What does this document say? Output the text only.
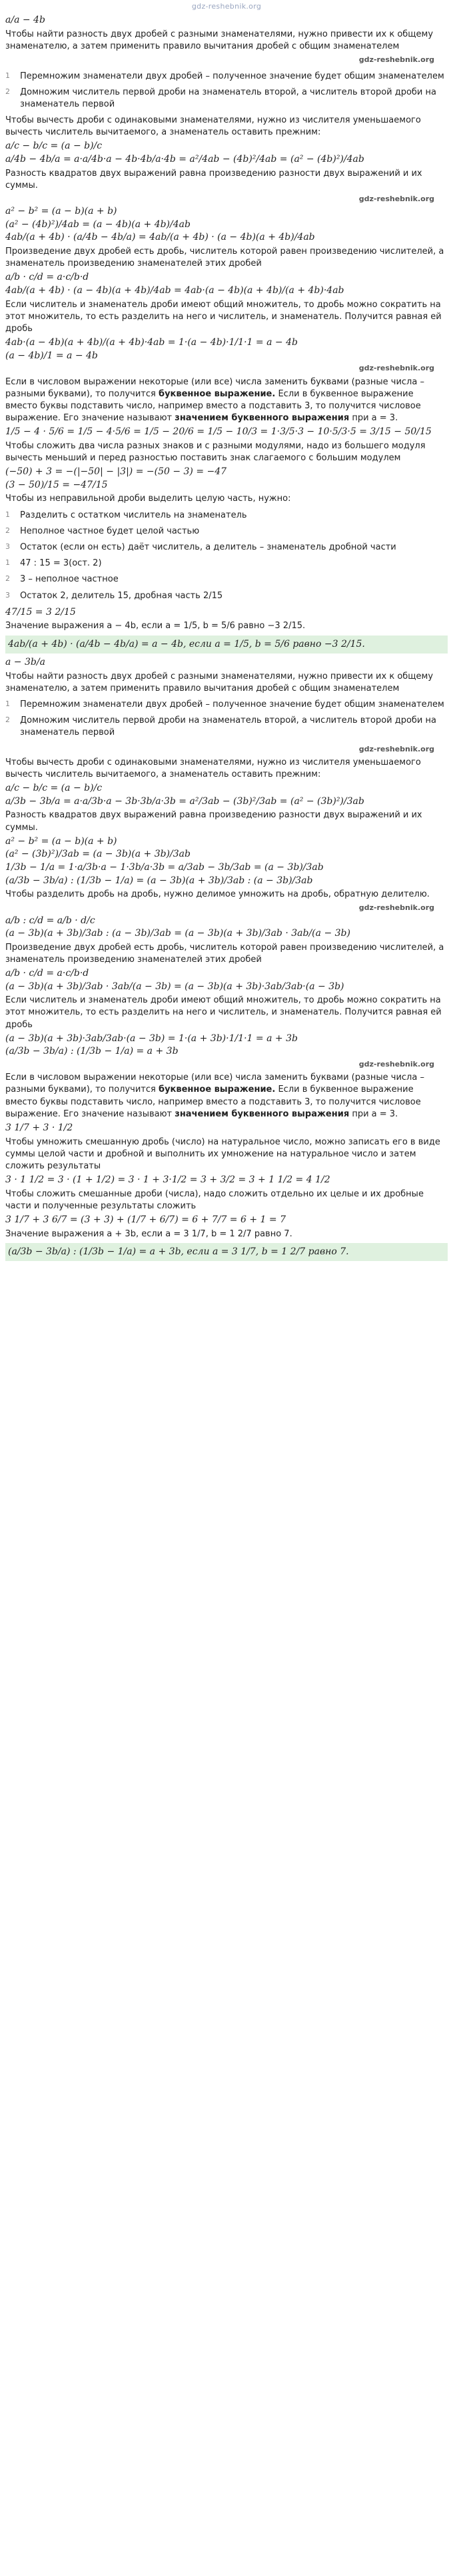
gdz-reshebnik.org
a/a − 4b
Чтобы найти разность двух дробей с разными знаменателями, нужно привести их к общему знаменателю, а затем применить правило вычитания дробей с общим знаменателем
gdz-reshebnik.org
1	Перемножим знаменатели двух дробей – полученное значение будет общим знаменателем
2	Домножим числитель первой дроби на знаменатель второй, а числитель второй дроби на знаменатель первой
Чтобы вычесть дроби с одинаковыми знаменателями, нужно из числителя уменьшаемого вычесть числитель вычитаемого, а знаменатель оставить прежним:
a/c − b/c = (a − b)/c
a/4b − 4b/a = a·a/4b·a − 4b·4b/a·4b = a²/4ab − (4b)²/4ab = (a² − (4b)²)/4ab
Разность квадратов двух выражений равна произведению разности двух выражений и их суммы.
gdz-reshebnik.org
a² − b² = (a − b)(a + b)
(a² − (4b)²)/4ab = (a − 4b)(a + 4b)/4ab
4ab/(a + 4b) · (a/4b − 4b/a) = 4ab/(a + 4b) · (a − 4b)(a + 4b)/4ab
Произведение двух дробей есть дробь, числитель которой равен произведению числителей, а знаменатель произведению знаменателей этих дробей
a/b · c/d = a·c/b·d
4ab/(a + 4b) · (a − 4b)(a + 4b)/4ab = 4ab·(a − 4b)(a + 4b)/(a + 4b)·4ab
Если числитель и знаменатель дроби имеют общий множитель, то дробь можно сократить на этот множитель, то есть разделить на него и числитель, и знаменатель. Получится равная ей дробь
4ab·(a − 4b)(a + 4b)/(a + 4b)·4ab = 1·(a − 4b)·1/1·1 = a − 4b
(a − 4b)/1 = a − 4b
gdz-reshebnik.org
Если в числовом выражении некоторые (или все) числа заменить буквами (разные числа – разными буквами), то получится буквенное выражение. Если в буквенное выражение вместо буквы подставить число, например вместо a подставить 3, то получится числовое выражение. Его значение называют значением буквенного выражения при a = 3.
1/5 − 4 · 5/6 = 1/5 − 4·5/6 = 1/5 − 20/6 = 1/5 − 10/3 = 1·3/5·3 − 10·5/3·5 = 3/15 − 50/15
Чтобы сложить два числа разных знаков и с разными модулями, надо из большего модуля вычесть меньший и перед разностью поставить знак слагаемого с большим модулем
(−50) + 3 = −(|−50| − |3|) = −(50 − 3) = −47
(3 − 50)/15 = −47/15
Чтобы из неправильной дроби выделить целую часть, нужно:
1	Разделить с остатком числитель на знаменатель
2	Неполное частное будет целой частью
3	Остаток (если он есть) даёт числитель, а делитель – знаменатель дробной части
1	47 : 15 = 3(ост. 2)
2	3 – неполное частное
3	Остаток 2, делитель 15, дробная часть 2/15
47/15 = 3 2/15
Значение выражения a − 4b, если a = 1/5, b = 5/6 равно −3 2/15.
4ab/(a + 4b) · (a/4b − 4b/a) = a − 4b, если a = 1/5, b = 5/6 равно −3 2/15.
a − 3b/a
Чтобы найти разность двух дробей с разными знаменателями, нужно привести их к общему знаменателю, а затем применить правило вычитания дробей с общим знаменателем
1	Перемножим знаменатели двух дробей – полученное значение будет общим знаменателем
2	Домножим числитель первой дроби на знаменатель второй, а числитель второй дроби на знаменатель первой
gdz-reshebnik.org
Чтобы вычесть дроби с одинаковыми знаменателями, нужно из числителя уменьшаемого вычесть числитель вычитаемого, а знаменатель оставить прежним:
a/c − b/c = (a − b)/c
a/3b − 3b/a = a·a/3b·a − 3b·3b/a·3b = a²/3ab − (3b)²/3ab = (a² − (3b)²)/3ab
Разность квадратов двух выражений равна произведению разности двух выражений и их суммы.
a² − b² = (a − b)(a + b)
(a² − (3b)²)/3ab = (a − 3b)(a + 3b)/3ab
1/3b − 1/a = 1·a/3b·a − 1·3b/a·3b = a/3ab − 3b/3ab = (a − 3b)/3ab
(a/3b − 3b/a) : (1/3b − 1/a) = (a − 3b)(a + 3b)/3ab : (a − 3b)/3ab
Чтобы разделить дробь на дробь, нужно делимое умножить на дробь, обратную делителю.
gdz-reshebnik.org
a/b : c/d = a/b · d/c
(a − 3b)(a + 3b)/3ab : (a − 3b)/3ab = (a − 3b)(a + 3b)/3ab · 3ab/(a − 3b)
Произведение двух дробей есть дробь, числитель которой равен произведению числителей, а знаменатель произведению знаменателей этих дробей
a/b · c/d = a·c/b·d
(a − 3b)(a + 3b)/3ab · 3ab/(a − 3b) = (a − 3b)(a + 3b)·3ab/3ab·(a − 3b)
Если числитель и знаменатель дроби имеют общий множитель, то дробь можно сократить на этот множитель, то есть разделить на него и числитель, и знаменатель. Получится равная ей дробь
(a − 3b)(a + 3b)·3ab/3ab·(a − 3b) = 1·(a + 3b)·1/1·1 = a + 3b
(a/3b − 3b/a) : (1/3b − 1/a) = a + 3b
gdz-reshebnik.org
Если в числовом выражении некоторые (или все) числа заменить буквами (разные числа – разными буквами), то получится буквенное выражение. Если в буквенное выражение вместо буквы подставить число, например вместо a подставить 3, то получится числовое выражение. Его значение называют значением буквенного выражения при a = 3.
3 1/7 + 3 · 1/2
Чтобы умножить смешанную дробь (число) на натуральное число, можно записать его в виде суммы целой части и дробной и выполнить их умножение на натуральное число и затем сложить результаты
3 · 1 1/2 = 3 · (1 + 1/2) = 3 · 1 + 3·1/2 = 3 + 3/2 = 3 + 1 1/2 = 4 1/2
Чтобы сложить смешанные дроби (числа), надо сложить отдельно их целые и их дробные части и полученные результаты сложить
3 1/7 + 3 6/7 = (3 + 3) + (1/7 + 6/7) = 6 + 7/7 = 6 + 1 = 7
Значение выражения a + 3b, если a = 3 1/7, b = 1 2/7 равно 7.
(a/3b − 3b/a) : (1/3b − 1/a) = a + 3b, если a = 3 1/7, b = 1 2/7 равно 7.
